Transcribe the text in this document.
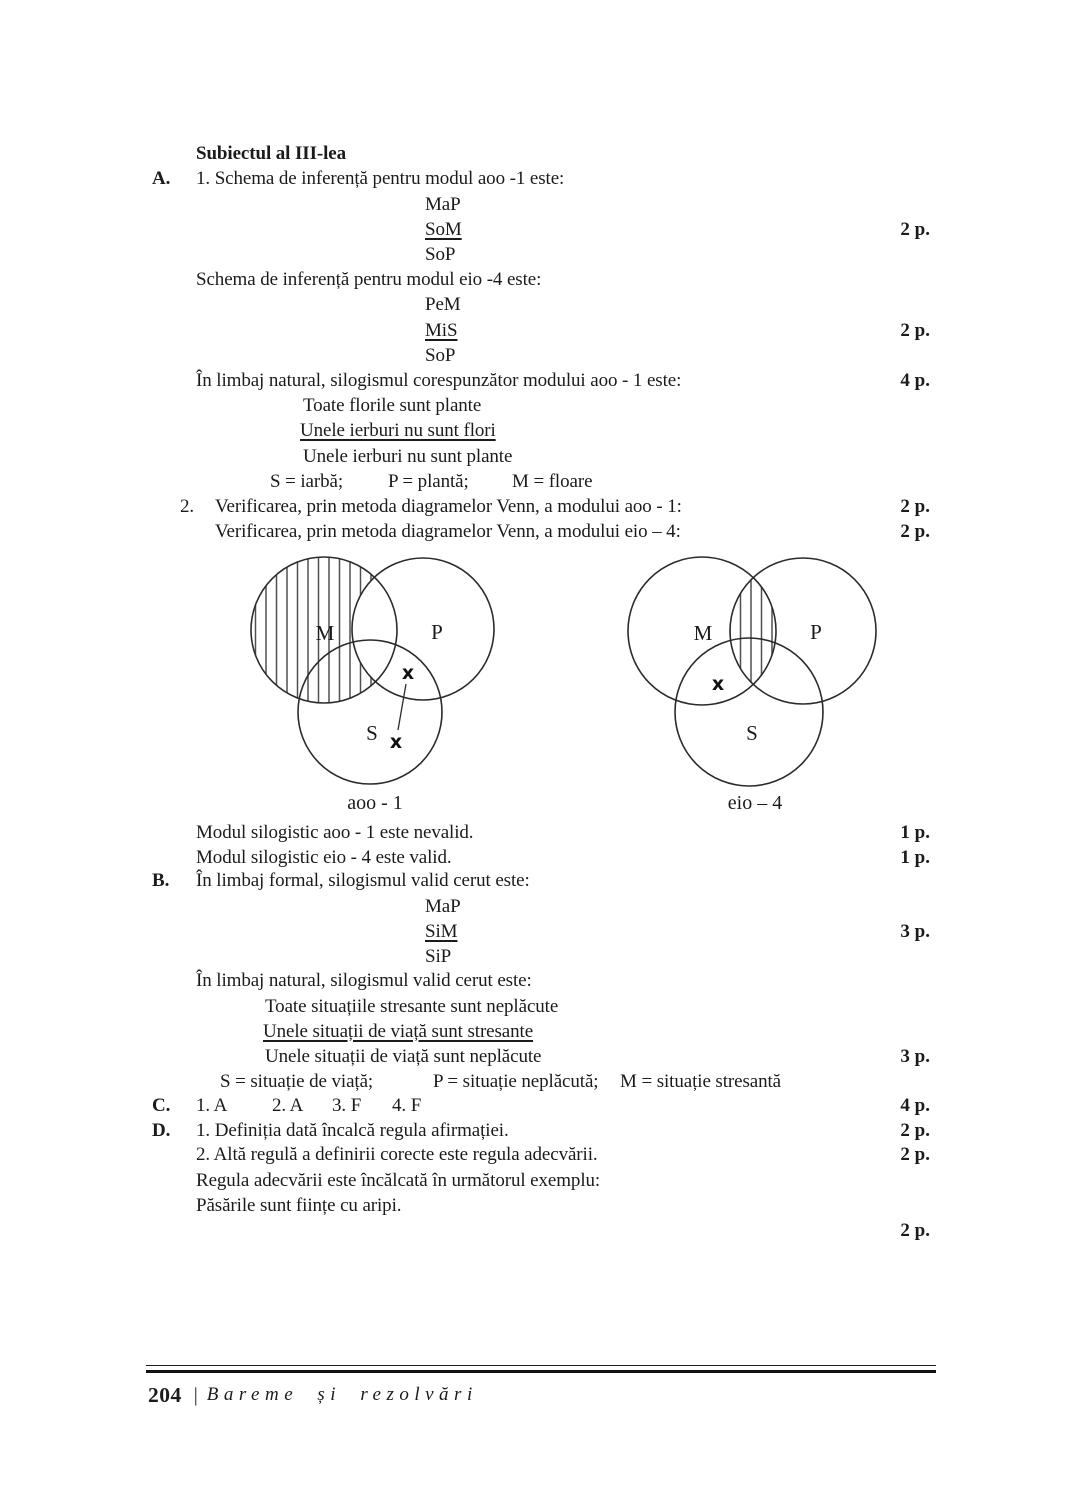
Subiectul al III-lea
A. 1. Schema de inferență pentru modul aoo -1 este:
MaP
SoM	2 p.
SoP
Schema de inferență pentru modul eio -4 este:
PeM
MiS	2 p.
SoP
În limbaj natural, silogismul corespunzător modului aoo - 1 este:	4 p.
Toate florile sunt plante
Unele ierburi nu sunt flori
Unele ierburi nu sunt plante
S = iarbă; P = plantă; M = floare
2. Verificarea, prin metoda diagramelor Venn, a modului aoo - 1:	2 p.
Verificarea, prin metoda diagramelor Venn, a modului eio – 4:	2 p.
M	P
S
x
x
aoo - 1
M	P
S
x
eio – 4
Modul silogistic aoo - 1 este nevalid.	1 p.
Modul silogistic eio - 4 este valid.	1 p.
B. În limbaj formal, silogismul valid cerut este:
MaP
SiM	3 p.
SiP
În limbaj natural, silogismul valid cerut este:
Toate situațiile stresante sunt neplăcute
Unele situații de viață sunt stresante
Unele situații de viață sunt neplăcute	3 p.
S = situație de viață;	P = situație neplăcută; M = situație stresantă
C. 1. A 2. A 3. F 4. F	4 p.
D. 1. Definiția dată încalcă regula afirmației.	2 p.
2. Altă regulă a definirii corecte este regula adecvării.	2 p.
Regula adecvării este încălcată în următorul exemplu:
Păsările sunt ființe cu aripi.
2 p.
204 | Bareme și rezolvări
